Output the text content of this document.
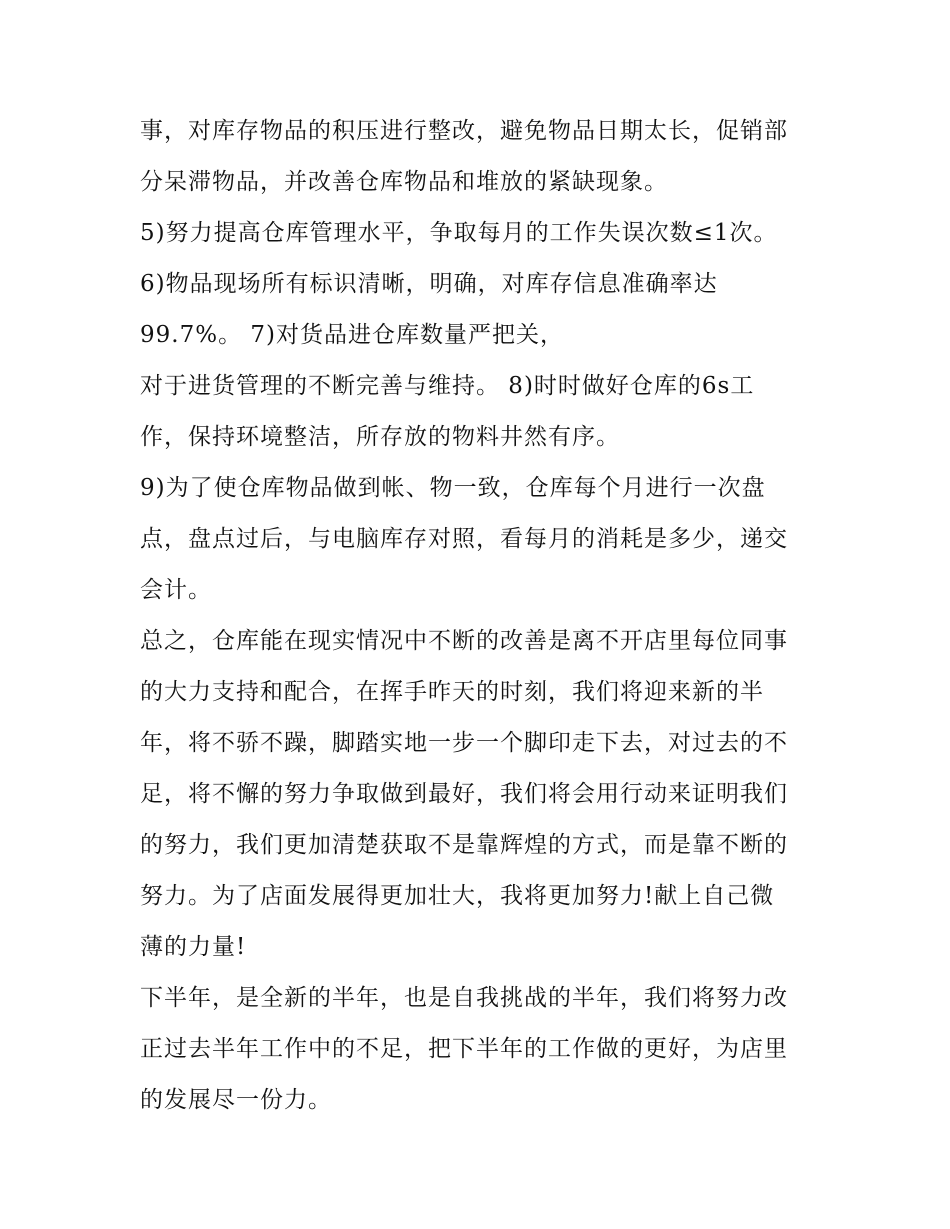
事，对库存物品的积压进行整改，避免物品日期太长，促销部
分呆滞物品，并改善仓库物品和堆放的紧缺现象。
5)努力提高仓库管理水平，争取每月的工作失误次数≤1次。
6)物品现场所有标识清晰，明确，对库存信息准确率达
99.7%。 7)对货品进仓库数量严把关，
对于进货管理的不断完善与维持。 8)时时做好仓库的6s工
作，保持环境整洁，所存放的物料井然有序。
9)为了使仓库物品做到帐、物一致，仓库每个月进行一次盘
点，盘点过后，与电脑库存对照，看每月的消耗是多少，递交
会计。
总之，仓库能在现实情况中不断的改善是离不开店里每位同事
的大力支持和配合，在挥手昨天的时刻，我们将迎来新的半
年，将不骄不躁，脚踏实地一步一个脚印走下去，对过去的不
足，将不懈的努力争取做到最好，我们将会用行动来证明我们
的努力，我们更加清楚获取不是靠辉煌的方式，而是靠不断的
努力。为了店面发展得更加壮大，我将更加努力!献上自己微
薄的力量!
下半年，是全新的半年，也是自我挑战的半年，我们将努力改
正过去半年工作中的不足，把下半年的工作做的更好，为店里
的发展尽一份力。
